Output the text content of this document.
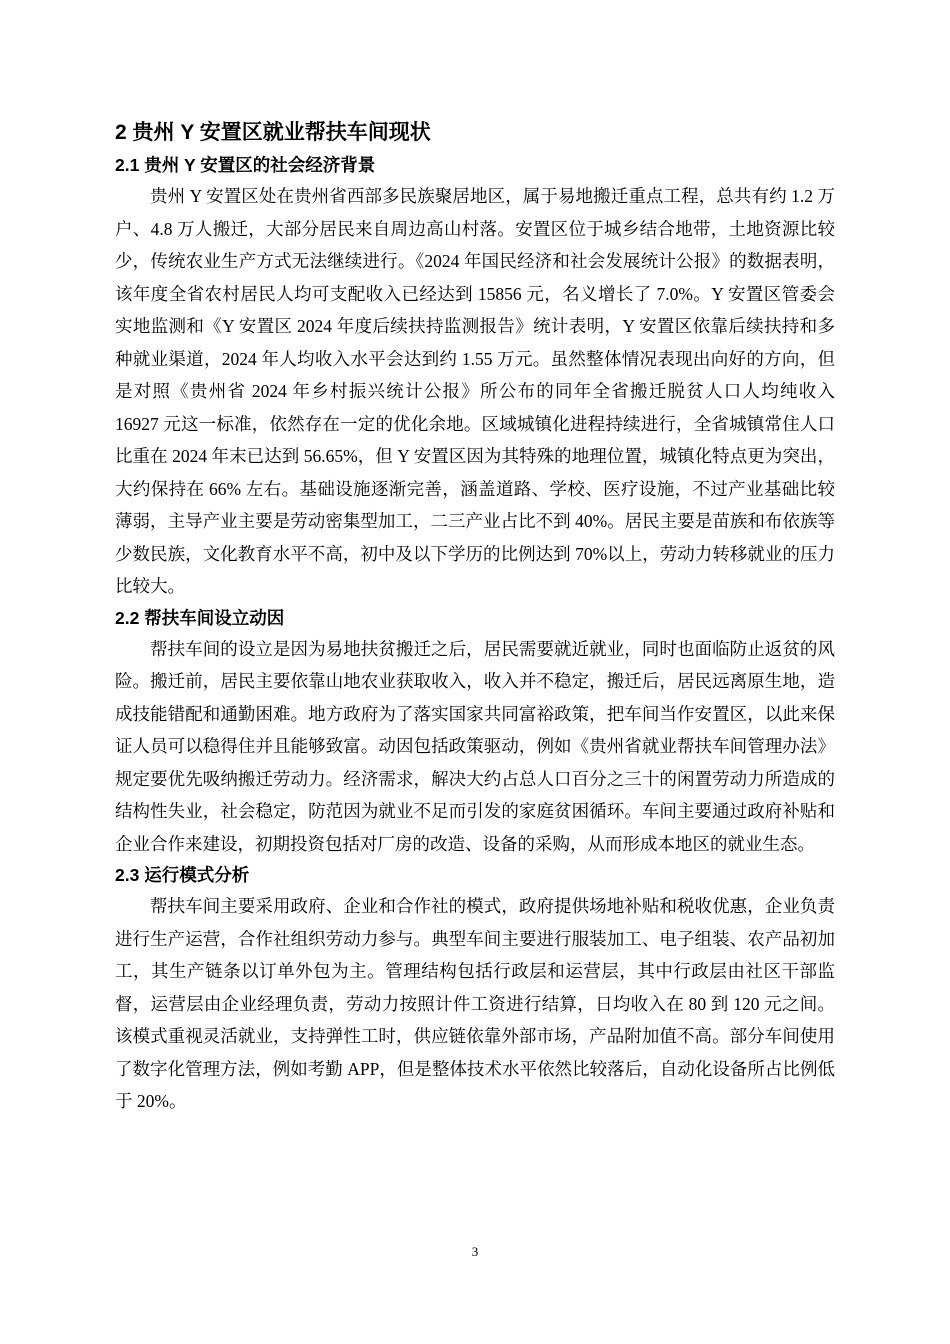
2 贵州 Y 安置区就业帮扶车间现状
2.1 贵州 Y 安置区的社会经济背景

贵州 Y 安置区处在贵州省西部多民族聚居地区，属于易地搬迁重点工程，总共有约 1.2 万户、4.8 万人搬迁，大部分居民来自周边高山村落。安置区位于城乡结合地带，土地资源比较少，传统农业生产方式无法继续进行。《2024 年国民经济和社会发展统计公报》的数据表明，该年度全省农村居民人均可支配收入已经达到 15856 元，名义增长了 7.0%。Y 安置区管委会实地监测和《Y 安置区 2024 年度后续扶持监测报告》统计表明，Y 安置区依靠后续扶持和多种就业渠道，2024 年人均收入水平会达到约 1.55 万元。虽然整体情况表现出向好的方向，但是对照《贵州省 2024 年乡村振兴统计公报》所公布的同年全省搬迁脱贫人口人均纯收入 16927 元这一标准，依然存在一定的优化余地。区域城镇化进程持续进行，全省城镇常住人口比重在 2024 年末已达到 56.65%，但 Y 安置区因为其特殊的地理位置，城镇化特点更为突出，大约保持在 66% 左右。基础设施逐渐完善，涵盖道路、学校、医疗设施，不过产业基础比较薄弱，主导产业主要是劳动密集型加工，二三产业占比不到 40%。居民主要是苗族和布依族等少数民族，文化教育水平不高，初中及以下学历的比例达到 70%以上，劳动力转移就业的压力比较大。

2.2 帮扶车间设立动因

帮扶车间的设立是因为易地扶贫搬迁之后，居民需要就近就业，同时也面临防止返贫的风险。搬迁前，居民主要依靠山地农业获取收入，收入并不稳定，搬迁后，居民远离原生地，造成技能错配和通勤困难。地方政府为了落实国家共同富裕政策，把车间当作安置区，以此来保证人员可以稳得住并且能够致富。动因包括政策驱动，例如《贵州省就业帮扶车间管理办法》规定要优先吸纳搬迁劳动力。经济需求，解决大约占总人口百分之三十的闲置劳动力所造成的结构性失业，社会稳定，防范因为就业不足而引发的家庭贫困循环。车间主要通过政府补贴和企业合作来建设，初期投资包括对厂房的改造、设备的采购，从而形成本地区的就业生态。

2.3 运行模式分析

帮扶车间主要采用政府、企业和合作社的模式，政府提供场地补贴和税收优惠，企业负责进行生产运营，合作社组织劳动力参与。典型车间主要进行服装加工、电子组装、农产品初加工，其生产链条以订单外包为主。管理结构包括行政层和运营层，其中行政层由社区干部监督，运营层由企业经理负责，劳动力按照计件工资进行结算，日均收入在 80 到 120 元之间。该模式重视灵活就业，支持弹性工时，供应链依靠外部市场，产品附加值不高。部分车间使用了数字化管理方法，例如考勤 APP，但是整体技术水平依然比较落后，自动化设备所占比例低于 20%。

3
